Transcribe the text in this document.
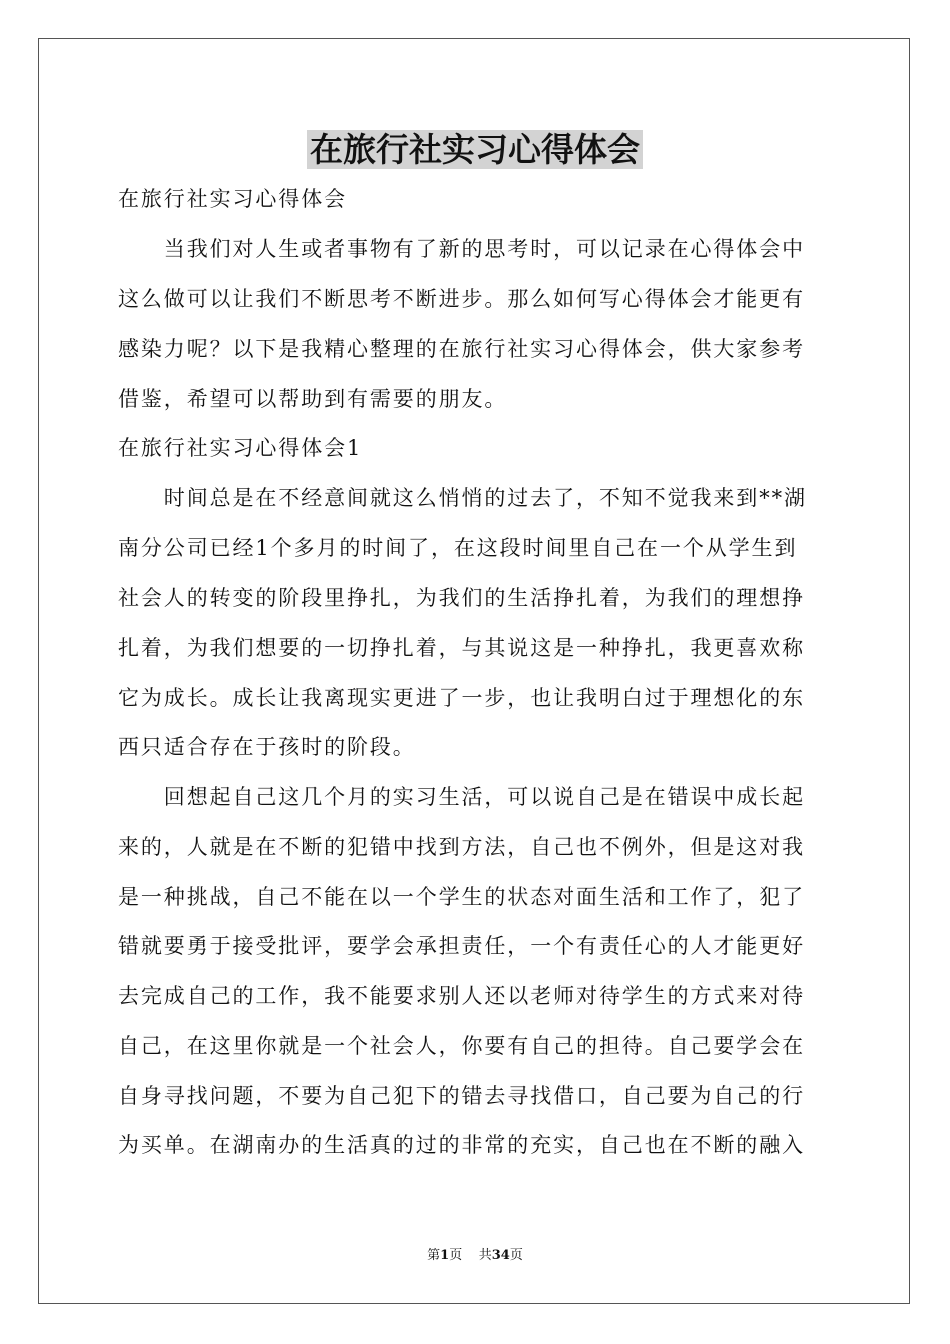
在旅行社实习心得体会
在旅行社实习心得体会
　　当我们对人生或者事物有了新的思考时，可以记录在心得体会中
这么做可以让我们不断思考不断进步。那么如何写心得体会才能更有
感染力呢？以下是我精心整理的在旅行社实习心得体会，供大家参考
借鉴，希望可以帮助到有需要的朋友。
在旅行社实习心得体会1
　　时间总是在不经意间就这么悄悄的过去了，不知不觉我来到**湖
南分公司已经1个多月的时间了，在这段时间里自己在一个从学生到
社会人的转变的阶段里挣扎，为我们的生活挣扎着，为我们的理想挣
扎着，为我们想要的一切挣扎着，与其说这是一种挣扎，我更喜欢称
它为成长。成长让我离现实更进了一步，也让我明白过于理想化的东
西只适合存在于孩时的阶段。
　　回想起自己这几个月的实习生活，可以说自己是在错误中成长起
来的，人就是在不断的犯错中找到方法，自己也不例外，但是这对我
是一种挑战，自己不能在以一个学生的状态对面生活和工作了，犯了
错就要勇于接受批评，要学会承担责任，一个有责任心的人才能更好
去完成自己的工作，我不能要求别人还以老师对待学生的方式来对待
自己，在这里你就是一个社会人，你要有自己的担待。自己要学会在
自身寻找问题，不要为自己犯下的错去寻找借口，自己要为自己的行
为买单。在湖南办的生活真的过的非常的充实，自己也在不断的融入
第1页 共34页
